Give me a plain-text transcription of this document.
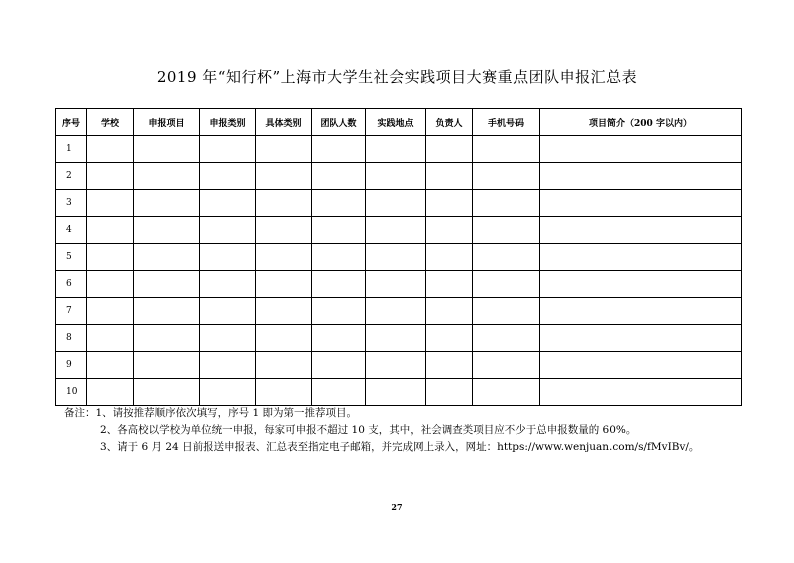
2019 年“知行杯”上海市大学生社会实践项目大赛重点团队申报汇总表
序号	学校	申报项目	申报类别	具体类别	团队人数	实践地点	负责人	手机号码	项目简介（200 字以内）
1									
2									
3									
4									
5									
6									
7									
8									
9									
10									
备注：1、请按推荐顺序依次填写，序号 1 即为第一推荐项目。
2、各高校以学校为单位统一申报，每家可申报不超过 10 支，其中，社会调查类项目应不少于总申报数量的 60%。
3、请于 6 月 24 日前报送申报表、汇总表至指定电子邮箱，并完成网上录入，网址：https://www.wenjuan.com/s/fMvIBv/。
27
